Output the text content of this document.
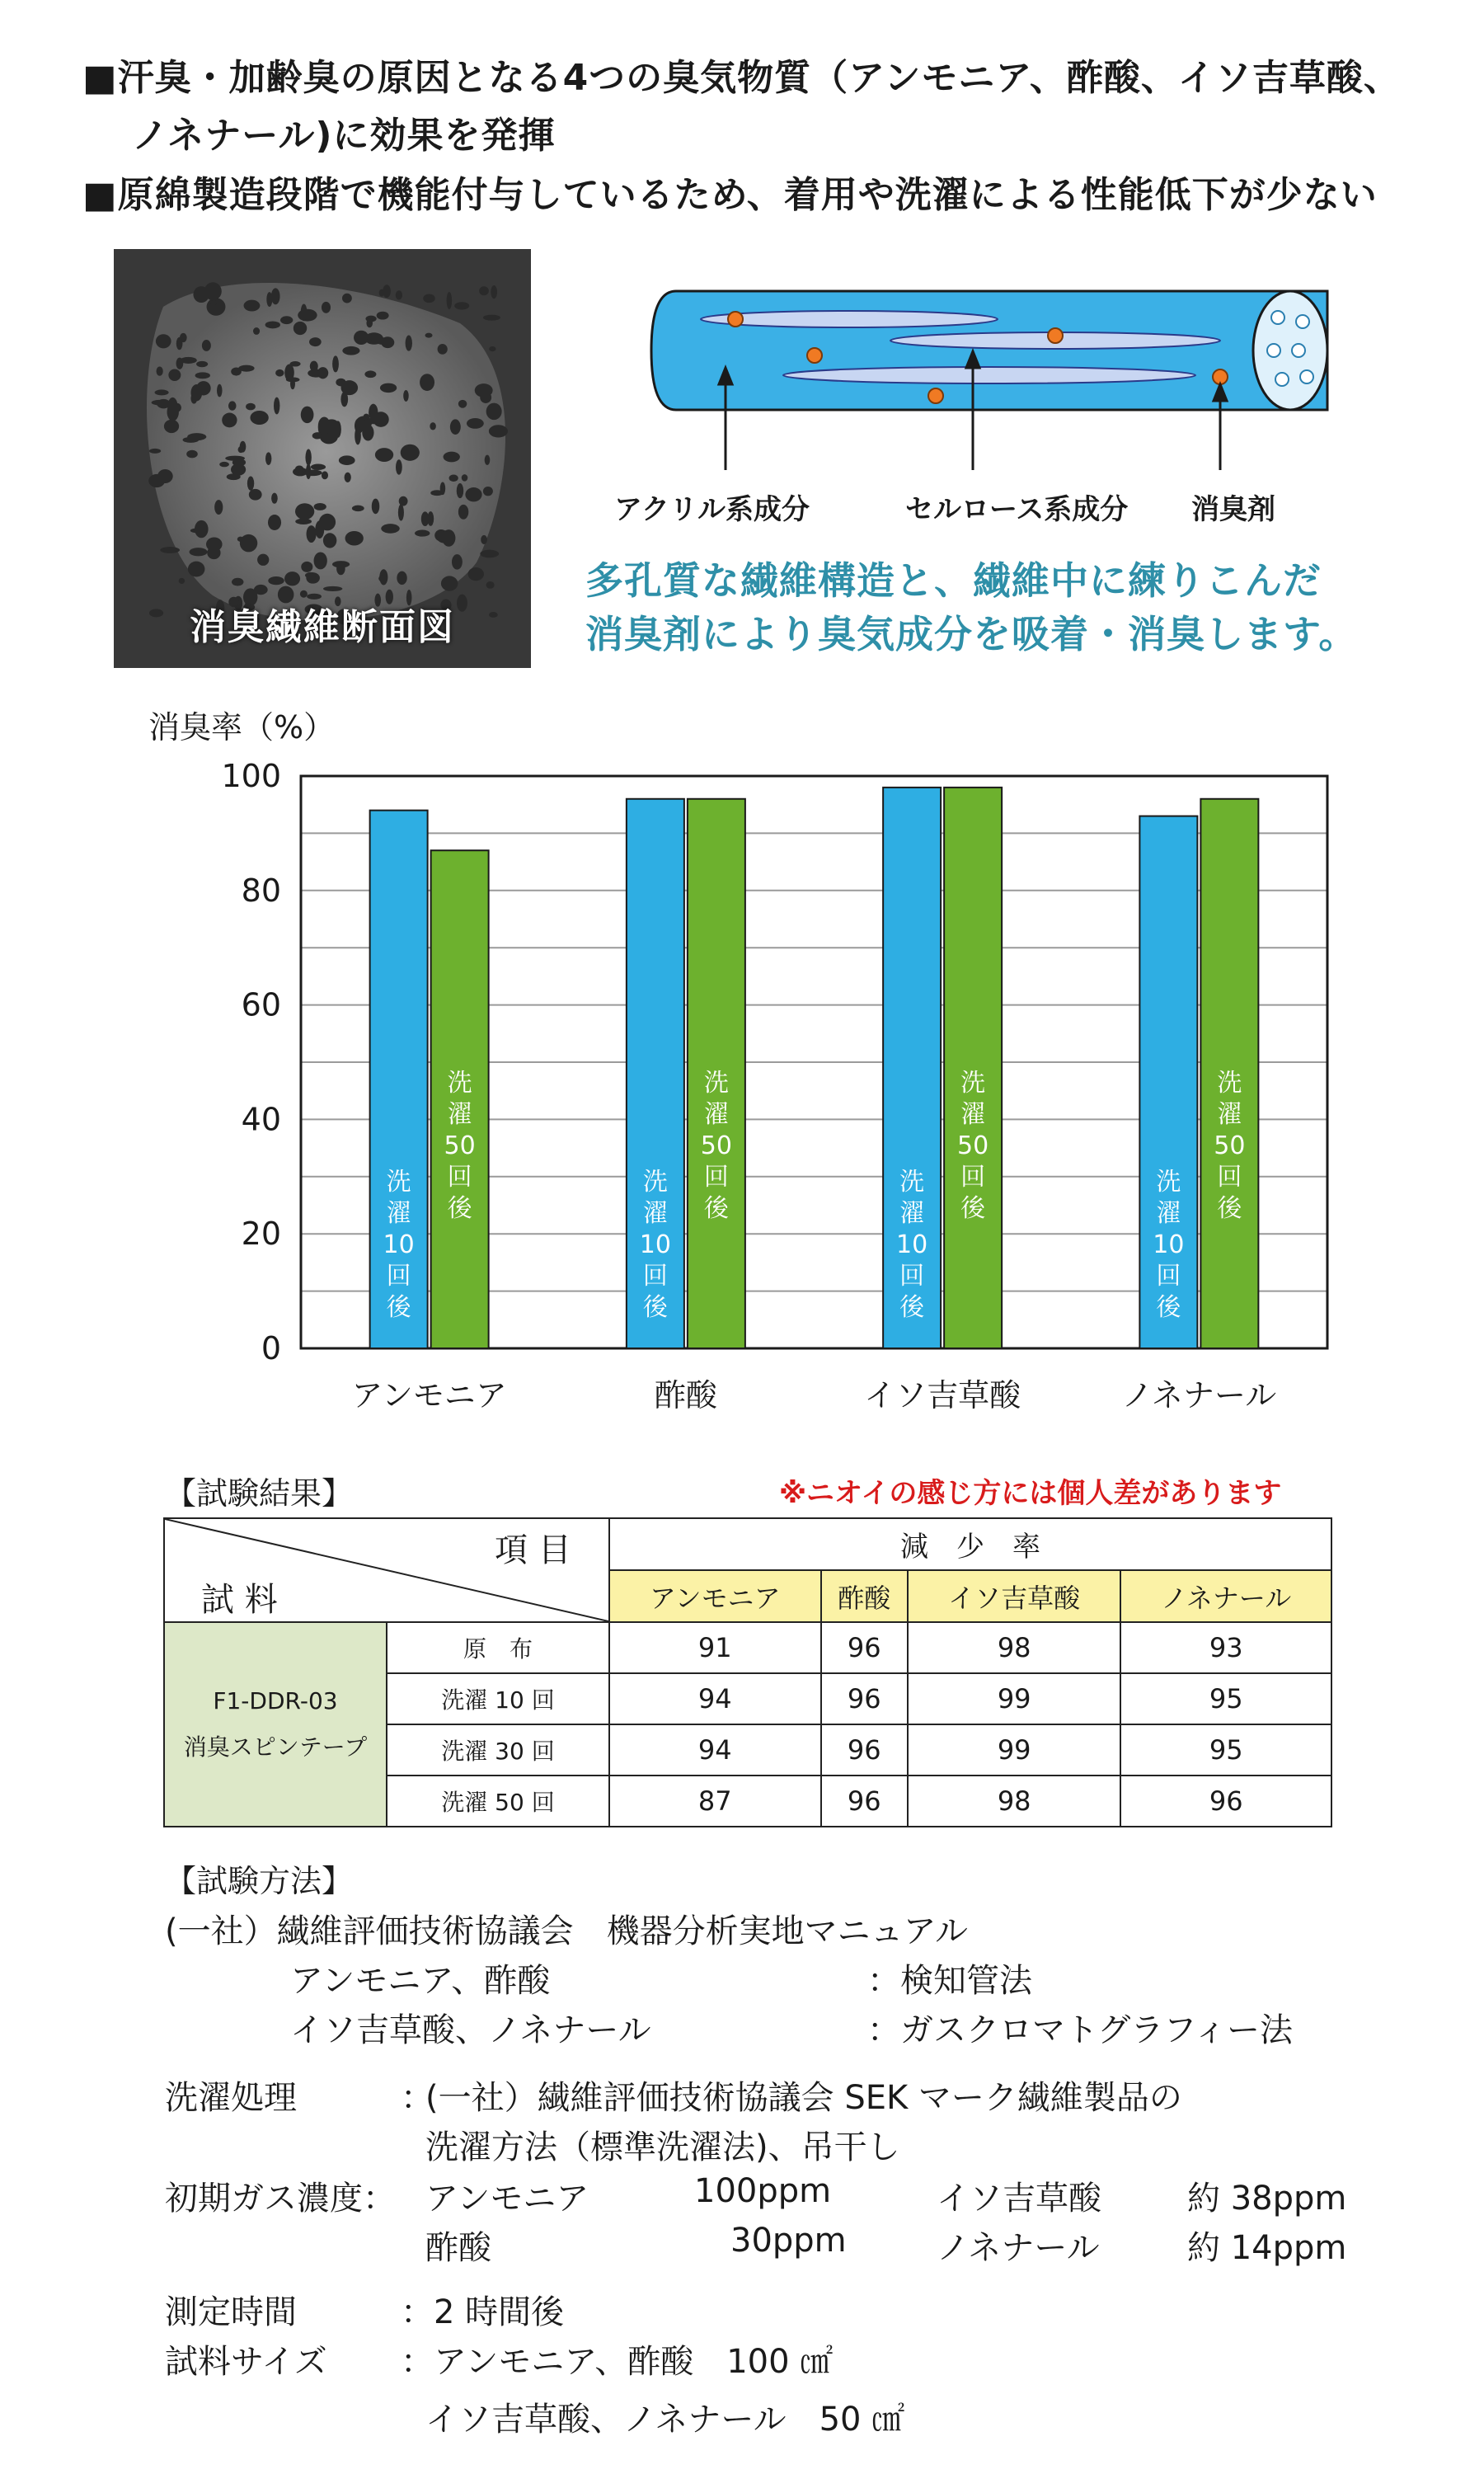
■汗臭・加齢臭の原因となる4つの臭気物質（アンモニア、酢酸、イソ吉草酸、
ノネナール)に効果を発揮
■原綿製造段階で機能付与しているため、着用や洗濯による性能低下が少ない
消臭繊維断面図
アクリル系成分	セルロース系成分 消臭剤
多孔質な繊維構造と、繊維中に練りこんだ
消臭剤により臭気成分を吸着・消臭します。
消臭率（%）
100
80
60
40
20
0
洗
濯
10
回
後
洗
濯
50
回
後
アンモニア
洗
濯
10
回
後
洗
濯
50
回
後
酢酸
洗
濯
10
回
後
洗
濯
50
回
後
イソ吉草酸
洗
濯
10
回
後
洗
濯
50
回
後
ノネナール
【試験結果】	※ニオイの感じ方には個人差があります
項 目
試 料		減　少　率			
		アンモニア	酢酸	イソ吉草酸	ノネナール

F1-DDR-03
消臭スピンテープ	原　布	91	96	98	93
	洗濯 10 回	94	96	99	95
	洗濯 30 回	94	96	99	95
	洗濯 50 回	87	96	98	96
【試験方法】
(一社）繊維評価技術協議会　機器分析実地マニュアル
アンモニア、酢酸	：検知管法
イソ吉草酸、ノネナール	：ガスクロマトグラフィー法
洗濯処理	：
(一社）繊維評価技術協議会 SEK マーク繊維製品の
洗濯方法（標準洗濯法)、吊干し
初期ガス濃度： アンモニア	100ppm	イソ吉草酸	約 38ppm
酢酸	30ppm	ノネナール	約 14ppm
測定時間	：2 時間後
試料サイズ ：アンモニア、酢酸　100 ㎠
イソ吉草酸、ノネナール　50 ㎠
